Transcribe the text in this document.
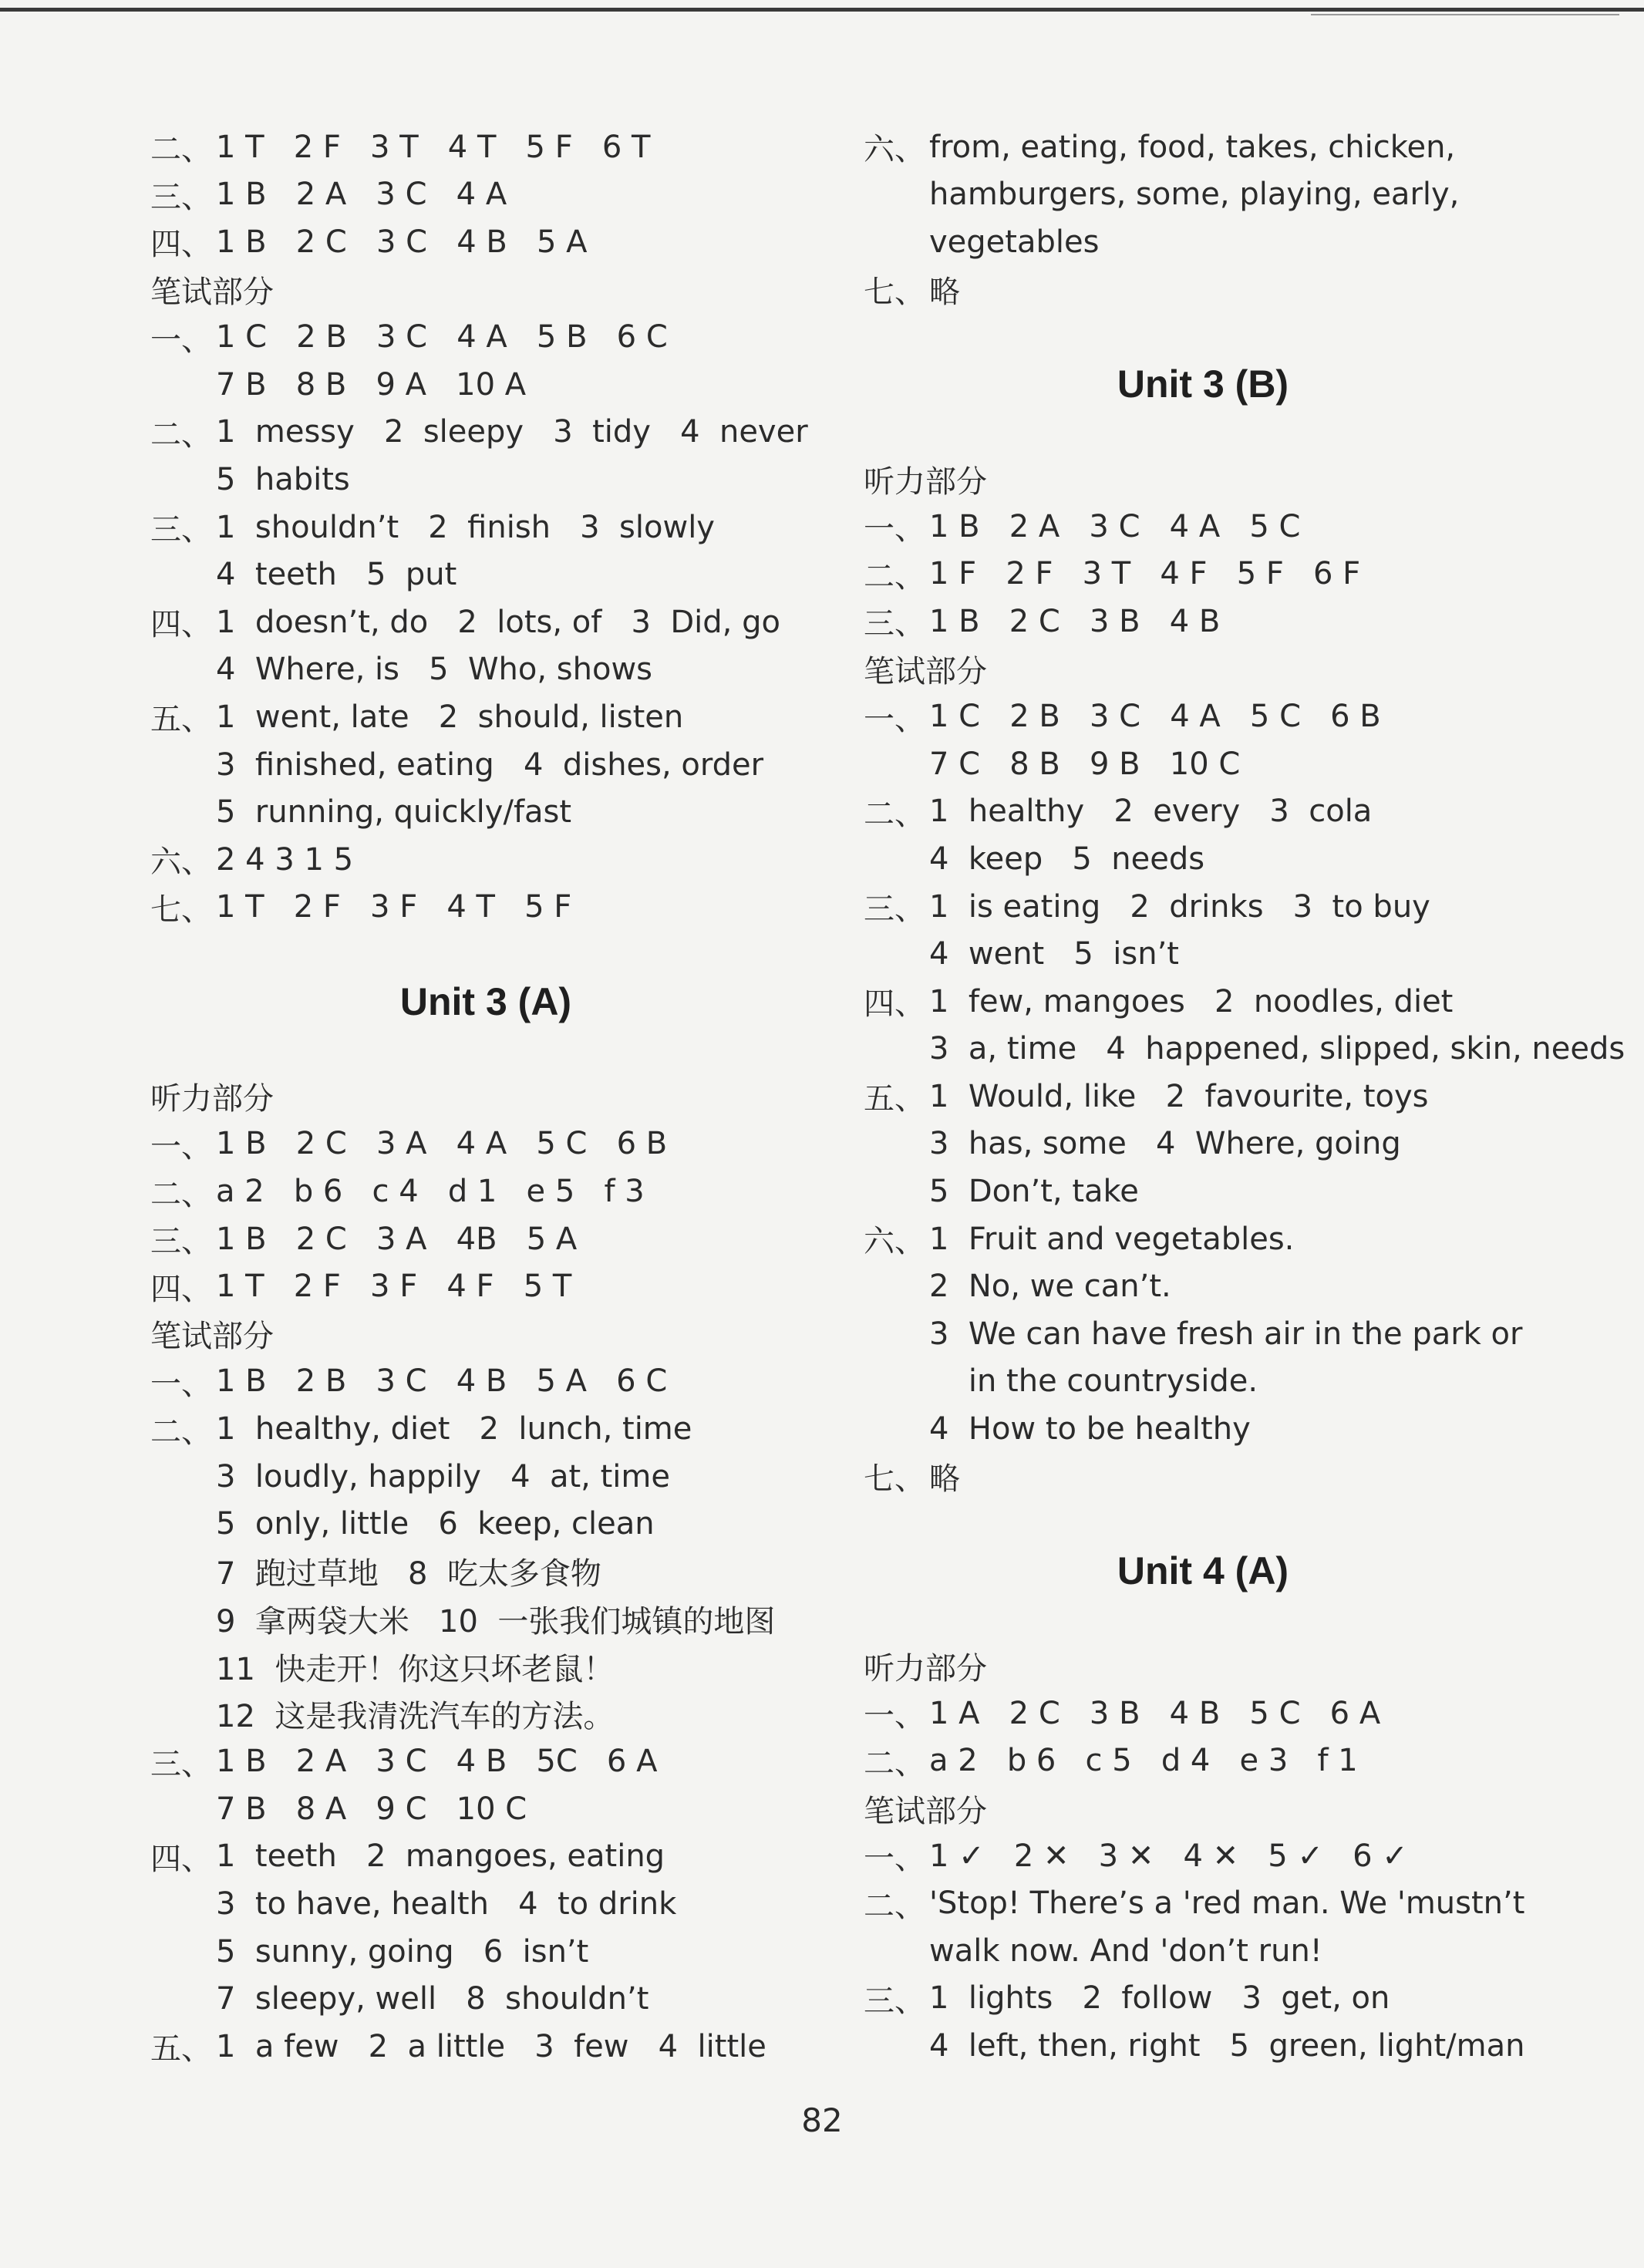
二、 1 T   2 F   3 T   4 T   5 F   6 T
三、 1 B   2 A   3 C   4 A
四、 1 B   2 C   3 C   4 B   5 A
笔试部分
一、 1 C   2 B   3 C   4 A   5 B   6 C
7 B   8 B   9 A   10 A
二、 1  messy   2  sleepy   3  tidy   4  never
5  habits
三、 1  shouldn’t   2  finish   3  slowly
4  teeth   5  put
四、 1  doesn’t, do   2  lots, of   3  Did, go
4  Where, is   5  Who, shows
五、 1  went, late   2  should, listen
3  finished, eating   4  dishes, order
5  running, quickly/fast
六、 2 4 3 1 5
七、 1 T   2 F   3 F   4 T   5 F
Unit 3 (A)
听力部分
一、 1 B   2 C   3 A   4 A   5 C   6 B
二、 a 2   b 6   c 4   d 1   e 5   f 3
三、 1 B   2 C   3 A   4B   5 A
四、 1 T   2 F   3 F   4 F   5 T
笔试部分
一、 1 B   2 B   3 C   4 B   5 A   6 C
二、 1  healthy, diet   2  lunch, time
3  loudly, happily   4  at, time
5  only, little   6  keep, clean
7  跑过草地   8  吃太多食物
9  拿两袋大米   10  一张我们城镇的地图
11  快走开！你这只坏老鼠！
12  这是我清洗汽车的方法。
三、 1 B   2 A   3 C   4 B   5C   6 A
7 B   8 A   9 C   10 C
四、 1  teeth   2  mangoes, eating
3  to have, health   4  to drink
5  sunny, going   6  isn’t
7  sleepy, well   8  shouldn’t
五、 1  a few   2  a little   3  few   4  little
六、 from, eating, food, takes, chicken,
hamburgers, some, playing, early,
vegetables
七、 略
Unit 3 (B)
听力部分
一、 1 B   2 A   3 C   4 A   5 C
二、 1 F   2 F   3 T   4 F   5 F   6 F
三、 1 B   2 C   3 B   4 B
笔试部分
一、 1 C   2 B   3 C   4 A   5 C   6 B
7 C   8 B   9 B   10 C
二、 1  healthy   2  every   3  cola
4  keep   5  needs
三、 1  is eating   2  drinks   3  to buy
4  went   5  isn’t
四、 1  few, mangoes   2  noodles, diet
3  a, time   4  happened, slipped, skin, needs
五、 1  Would, like   2  favourite, toys
3  has, some   4  Where, going
5  Don’t, take
六、 1  Fruit and vegetables.
2  No, we can’t.
3  We can have fresh air in the park or
in the countryside.
4  How to be healthy
七、 略
Unit 4 (A)
听力部分
一、 1 A   2 C   3 B   4 B   5 C   6 A
二、 a 2   b 6   c 5   d 4   e 3   f 1
笔试部分
一、 1 ✓   2 ✕   3 ✕   4 ✕   5 ✓   6 ✓
二、 'Stop! There’s a 'red man. We 'mustn’t
walk now. And 'don’t run!
三、 1  lights   2  follow   3  get, on
4  left, then, right   5  green, light/man
82
